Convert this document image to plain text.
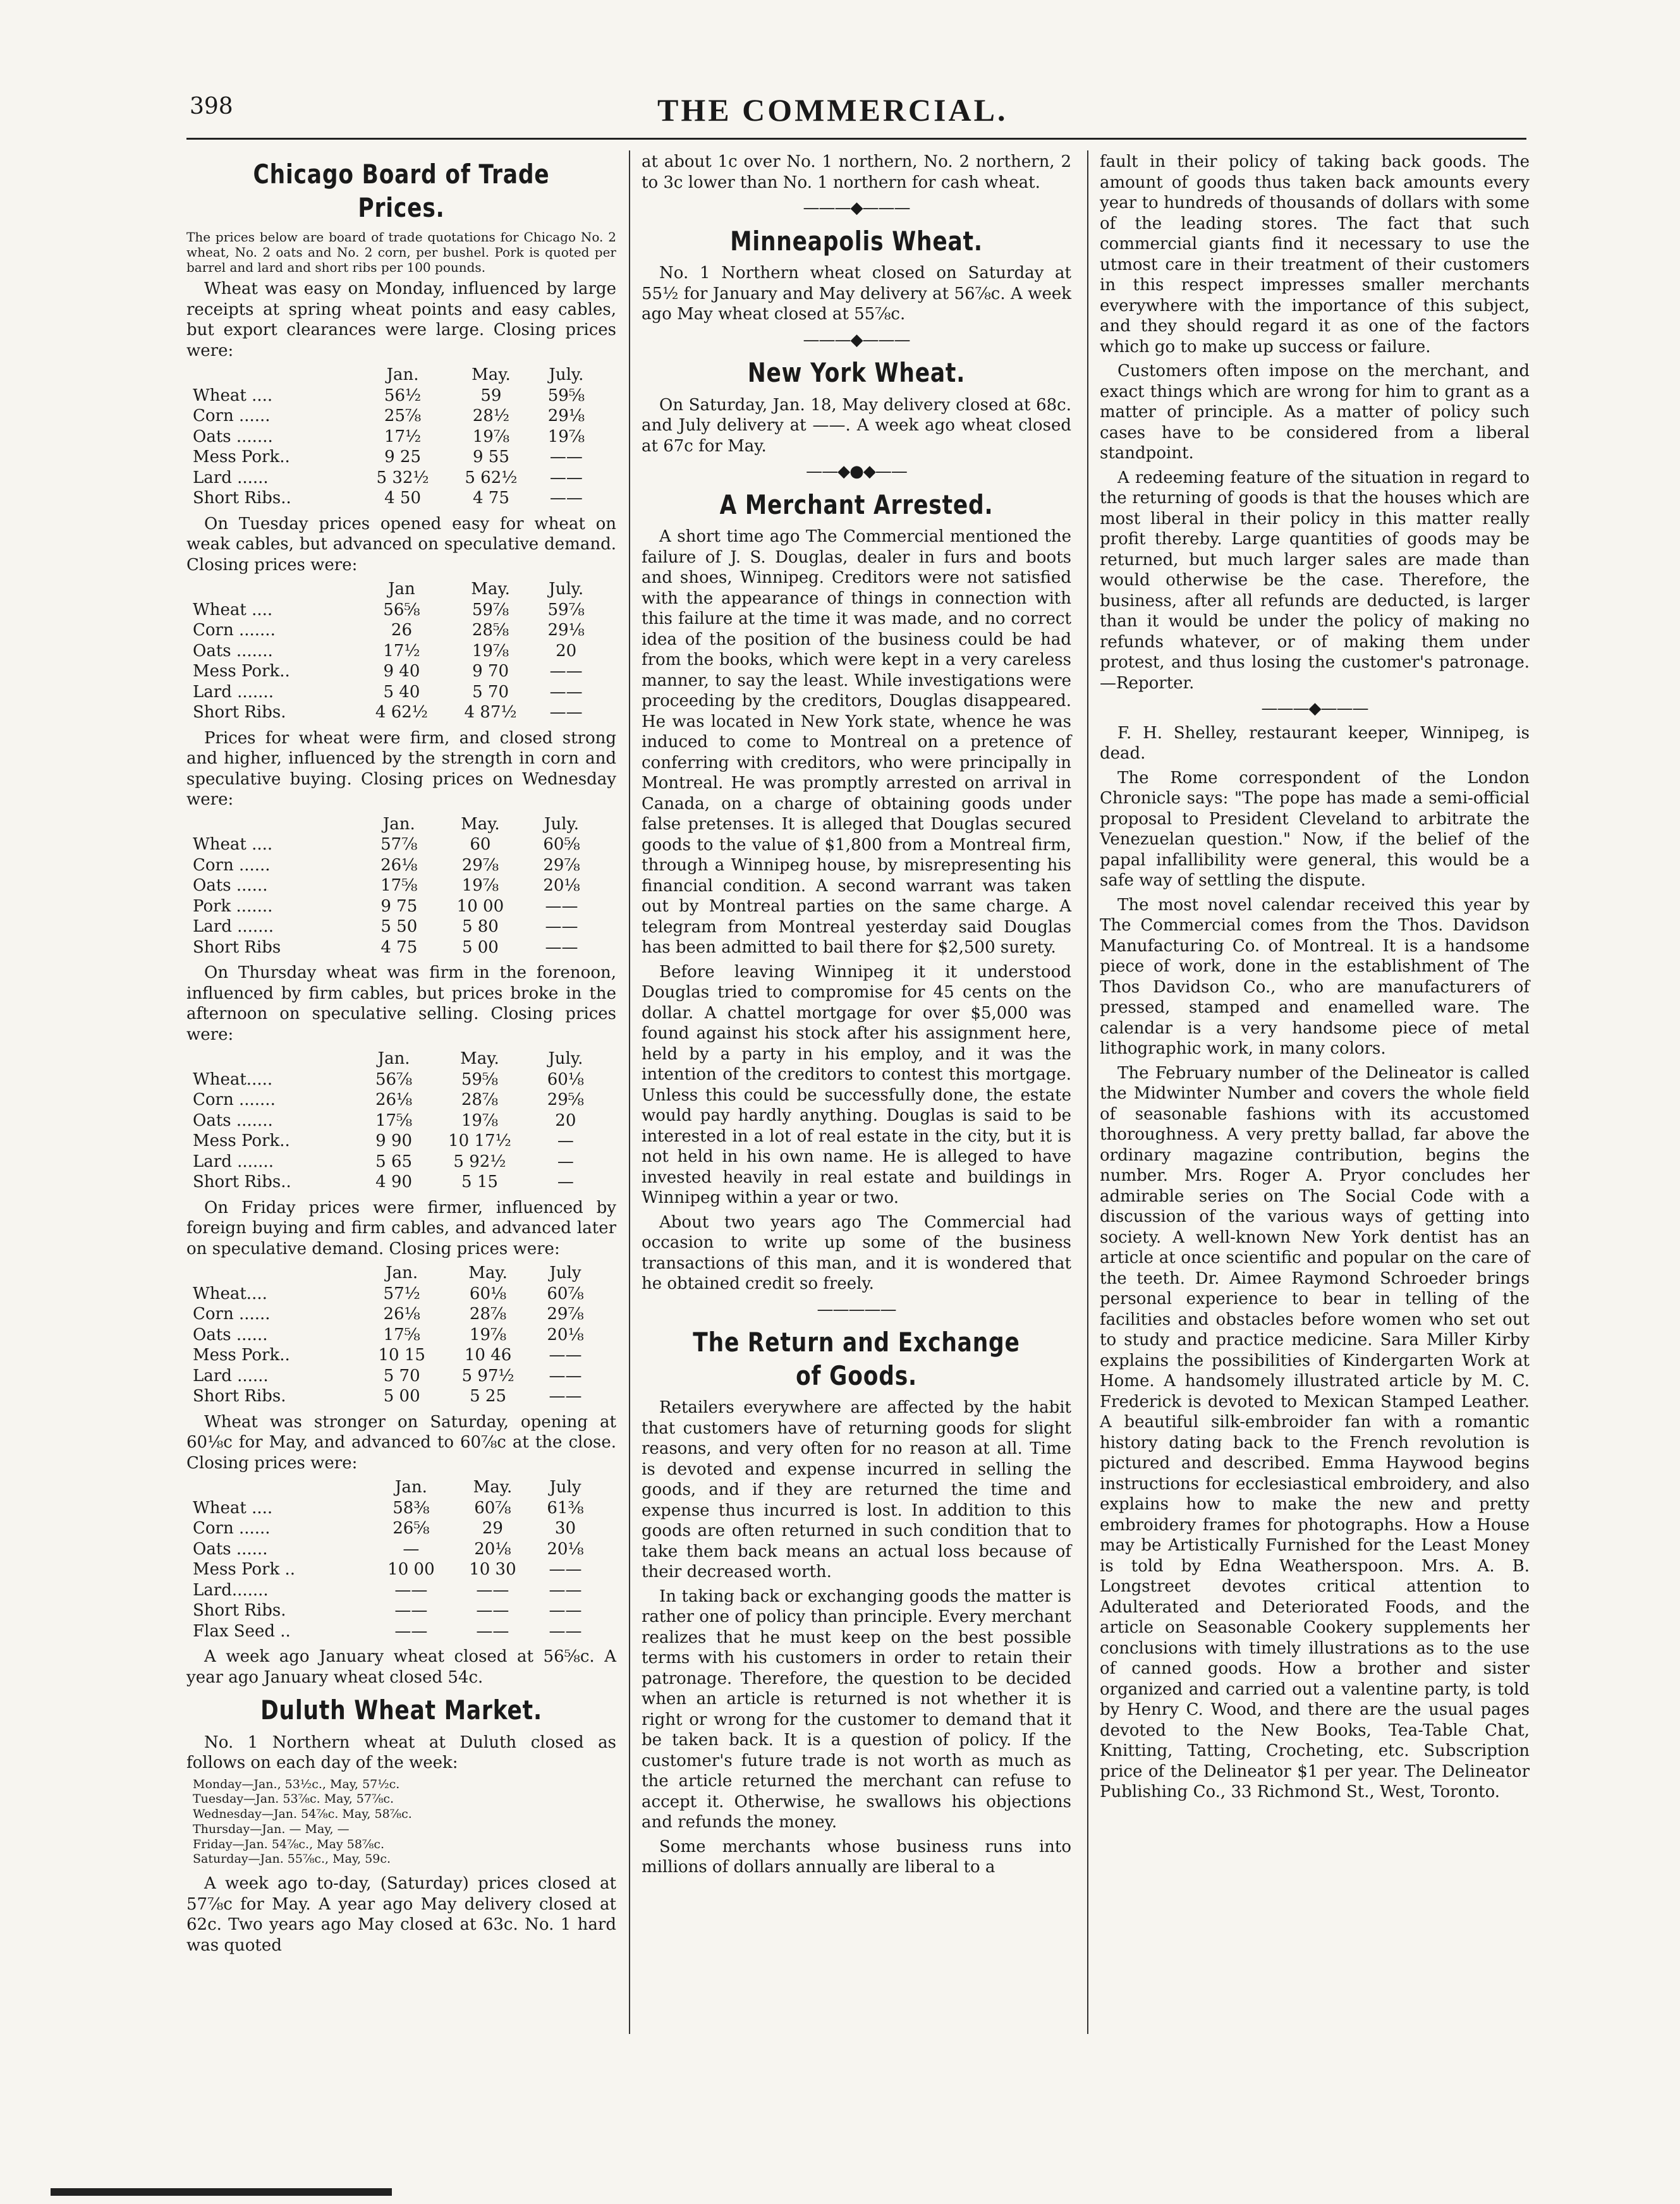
398	THE COMMERCIAL.
Chicago Board of Trade Prices.
The prices below are board of trade quotations for Chicago No. 2 wheat, No. 2 oats and No. 2 corn, per bushel. Pork is quoted per barrel and lard and short ribs per 100 pounds.

Wheat was easy on Monday, influenced by large receipts at spring wheat points and easy cables, but export clearances were large. Closing prices were:

	Jan.	May.	July.
Wheat ....	56½	59	59⅝
Corn ......	25⅞	28½	29⅛
Oats .......	17½	19⅞	19⅞
Mess Pork..	9 25	9 55	——
Lard ......	5 32½	5 62½	——
Short Ribs..	4 50	4 75	——

On Tuesday prices opened easy for wheat on weak cables, but advanced on speculative demand. Closing prices were:

	Jan	May.	July.
Wheat ....	56⅝	59⅞	59⅞
Corn .......	26	28⅝	29⅛
Oats .......	17½	19⅞	20
Mess Pork..	9 40	9 70	——
Lard .......	5 40	5 70	——
Short Ribs.	4 62½	4 87½	——

Prices for wheat were firm, and closed strong and higher, influenced by the strength in corn and speculative buying. Closing prices on Wednesday were:

	Jan.	May.	July.
Wheat ....	57⅞	60	60⅝
Corn ......	26⅛	29⅞	29⅞
Oats ......	17⅝	19⅞	20⅛
Pork .......	9 75	10 00	——
Lard .......	5 50	5 80	——
Short Ribs	4 75	5 00	——

On Thursday wheat was firm in the forenoon, influenced by firm cables, but prices broke in the afternoon on speculative selling. Closing prices were:

	Jan.	May.	July.
Wheat.....	56⅞	59⅝	60⅛
Corn .......	26⅛	28⅞	29⅝
Oats .......	17⅝	19⅞	20
Mess Pork..	9 90	10 17½	—
Lard .......	5 65	5 92½	—
Short Ribs..	4 90	5 15	—

On Friday prices were firmer, influenced by foreign buying and firm cables, and advanced later on speculative demand. Closing prices were:

	Jan.	May.	July
Wheat....	57½	60⅛	60⅞
Corn ......	26⅛	28⅞	29⅞
Oats ......	17⅝	19⅞	20⅛
Mess Pork..	10 15	10 46	——
Lard ......	5 70	5 97½	——
Short Ribs.	5 00	5 25	——

Wheat was stronger on Saturday, opening at 60⅛c for May, and advanced to 60⅞c at the close. Closing prices were:

	Jan.	May.	July
Wheat ....	58⅜	60⅞	61⅜
Corn ......	26⅝	29	30
Oats ......	—	20⅛	20⅛
Mess Pork ..	10 00	10 30	——
Lard.......	——	——	——
Short Ribs.	——	——	——
Flax Seed ..	——	——	——

A week ago January wheat closed at 56⅝c. A year ago January wheat closed 54c.

Duluth Wheat Market.

No. 1 Northern wheat at Duluth closed as follows on each day of the week:

Monday—Jan., 53½c., May, 57½c.
Tuesday—Jan. 53⅞c. May, 57⅞c.
Wednesday—Jan. 54⅞c. May, 58⅞c.
Thursday—Jan. — May, —
Friday—Jan. 54⅞c., May 58⅞c.
Saturday—Jan. 55⅞c., May, 59c.

A week ago to-day, (Saturday) prices closed at 57⅞c for May. A year ago May delivery closed at 62c. Two years ago May closed at 63c. No. 1 hard was quoted

at about 1c over No. 1 northern, No. 2 northern, 2 to 3c lower than No. 1 northern for cash wheat.

———◆———
Minneapolis Wheat.

No. 1 Northern wheat closed on Saturday at 55½ for January and May delivery at 56⅞c. A week ago May wheat closed at 55⅞c.

———◆———
New York Wheat.

On Saturday, Jan. 18, May delivery closed at 68c. and July delivery at ——. A week ago wheat closed at 67c for May.

——◆●◆——
A Merchant Arrested.

A short time ago The Commercial mentioned the failure of J. S. Douglas, dealer in furs and boots and shoes, Winnipeg. Creditors were not satisfied with the appearance of things in connection with this failure at the time it was made, and no correct idea of the position of the business could be had from the books, which were kept in a very careless manner, to say the least. While investigations were proceeding by the creditors, Douglas disappeared. He was located in New York state, whence he was induced to come to Montreal on a pretence of conferring with creditors, who were principally in Montreal. He was promptly arrested on arrival in Canada, on a charge of obtaining goods under false pretenses. It is alleged that Douglas secured goods to the value of $1,800 from a Montreal firm, through a Winnipeg house, by misrepresenting his financial condition. A second warrant was taken out by Montreal parties on the same charge. A telegram from Montreal yesterday said Douglas has been admitted to bail there for $2,500 surety.

Before leaving Winnipeg it it understood Douglas tried to compromise for 45 cents on the dollar. A chattel mortgage for over $5,000 was found against his stock after his assignment here, held by a party in his employ, and it was the intention of the creditors to contest this mortgage. Unless this could be successfully done, the estate would pay hardly anything. Douglas is said to be interested in a lot of real estate in the city, but it is not held in his own name. He is alleged to have invested heavily in real estate and buildings in Winnipeg within a year or two.

About two years ago The Commercial had occasion to write up some of the business transactions of this man, and it is wondered that he obtained credit so freely.

—————
The Return and Exchange of Goods.

Retailers everywhere are affected by the habit that customers have of returning goods for slight reasons, and very often for no reason at all. Time is devoted and expense incurred in selling the goods, and if they are returned the time and expense thus incurred is lost. In addition to this goods are often returned in such condition that to take them back means an actual loss because of their decreased worth.

In taking back or exchanging goods the matter is rather one of policy than principle. Every merchant realizes that he must keep on the best possible terms with his customers in order to retain their patronage. Therefore, the question to be decided when an article is returned is not whether it is right or wrong for the customer to demand that it be taken back. It is a question of policy. If the customer's future trade is not worth as much as the article returned the merchant can refuse to accept it. Otherwise, he swallows his objections and refunds the money.

Some merchants whose business runs into millions of dollars annually are liberal to a

fault in their policy of taking back goods. The amount of goods thus taken back amounts every year to hundreds of thousands of dollars with some of the leading stores. The fact that such commercial giants find it necessary to use the utmost care in their treatment of their customers in this respect impresses smaller merchants everywhere with the importance of this subject, and they should regard it as one of the factors which go to make up success or failure.

Customers often impose on the merchant, and exact things which are wrong for him to grant as a matter of principle. As a matter of policy such cases have to be considered from a liberal standpoint.

A redeeming feature of the situation in regard to the returning of goods is that the houses which are most liberal in their policy in this matter really profit thereby. Large quantities of goods may be returned, but much larger sales are made than would otherwise be the case. Therefore, the business, after all refunds are deducted, is larger than it would be under the policy of making no refunds whatever, or of making them under protest, and thus losing the customer's patronage.—Reporter.

———◆———

F. H. Shelley, restaurant keeper, Winnipeg, is dead.

The Rome correspondent of the London Chronicle says: "The pope has made a semi-official proposal to President Cleveland to arbitrate the Venezuelan question." Now, if the belief of the papal infallibility were general, this would be a safe way of settling the dispute.

The most novel calendar received this year by The Commercial comes from the Thos. Davidson Manufacturing Co. of Montreal. It is a handsome piece of work, done in the establishment of The Thos Davidson Co., who are manufacturers of pressed, stamped and enamelled ware. The calendar is a very handsome piece of metal lithographic work, in many colors.

The February number of the Delineator is called the Midwinter Number and covers the whole field of seasonable fashions with its accustomed thoroughness. A very pretty ballad, far above the ordinary magazine contribution, begins the number. Mrs. Roger A. Pryor concludes her admirable series on The Social Code with a discussion of the various ways of getting into society. A well-known New York dentist has an article at once scientific and popular on the care of the teeth. Dr. Aimee Raymond Schroeder brings personal experience to bear in telling of the facilities and obstacles before women who set out to study and practice medicine. Sara Miller Kirby explains the possibilities of Kindergarten Work at Home. A handsomely illustrated article by M. C. Frederick is devoted to Mexican Stamped Leather. A beautiful silk-embroider fan with a romantic history dating back to the French revolution is pictured and described. Emma Haywood begins instructions for ecclesiastical embroidery, and also explains how to make the new and pretty embroidery frames for photographs. How a House may be Artistically Furnished for the Least Money is told by Edna Weatherspoon. Mrs. A. B. Longstreet devotes critical attention to Adulterated and Deteriorated Foods, and the article on Seasonable Cookery supplements her conclusions with timely illustrations as to the use of canned goods. How a brother and sister organized and carried out a valentine party, is told by Henry C. Wood, and there are the usual pages devoted to the New Books, Tea-Table Chat, Knitting, Tatting, Crocheting, etc. Subscription price of the Delineator $1 per year. The Delineator Publishing Co., 33 Richmond St., West, Toronto.
